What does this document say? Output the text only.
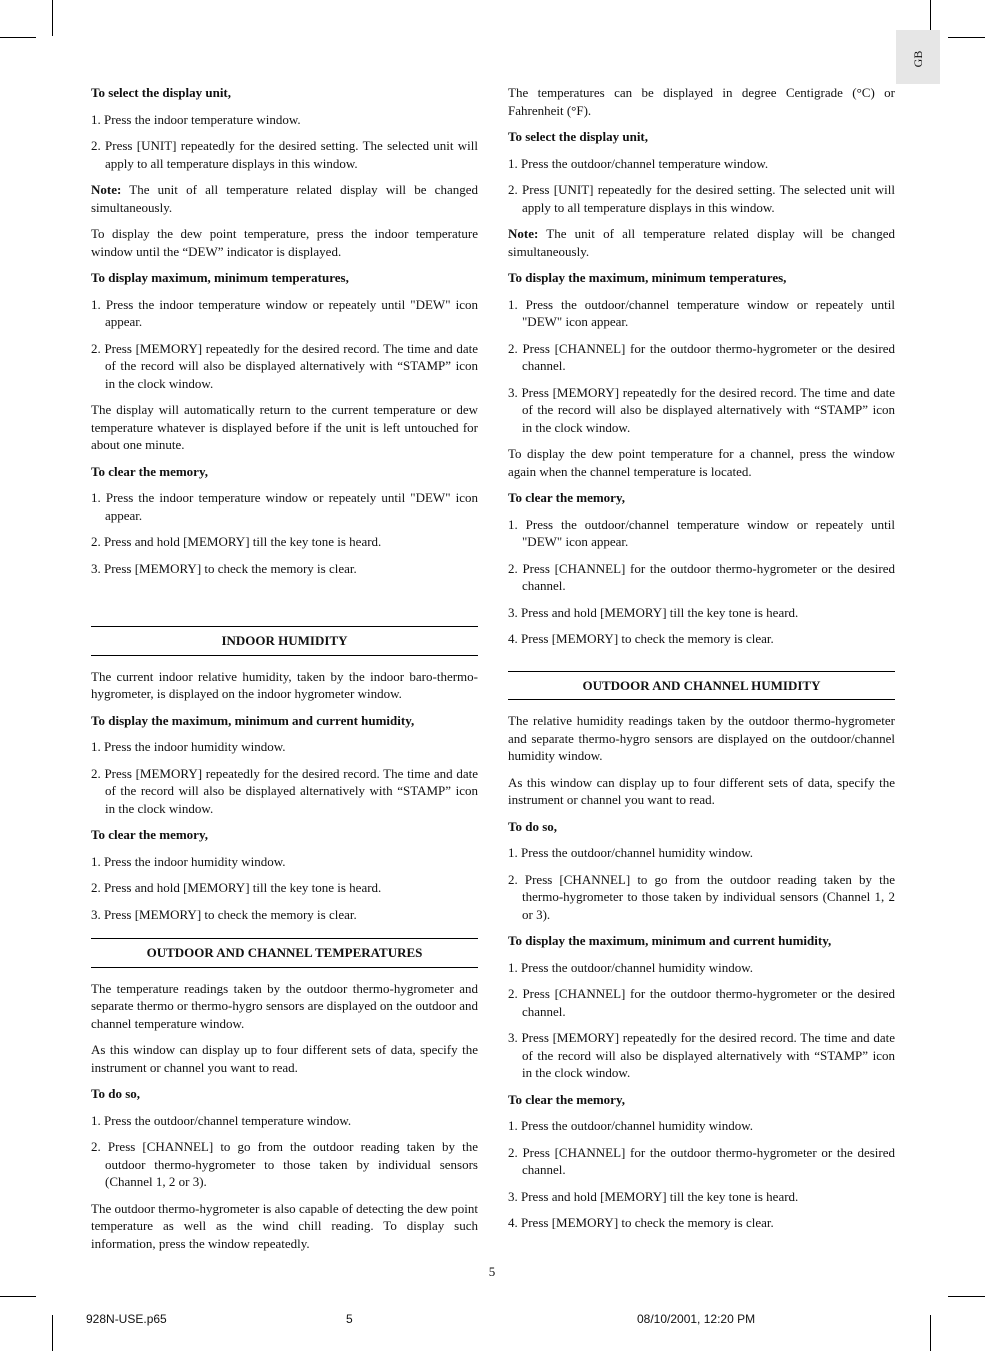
GB

To select the display unit,

1. Press the indoor temperature window.

2. Press [UNIT] repeatedly for the desired setting. The selected unit will apply to all temperature displays in this window.

Note: The unit of all temperature related display will be changed simultaneously.

To display the dew point temperature, press the indoor temperature window until the “DEW” indicator is displayed.

To display maximum, minimum temperatures,

1. Press the indoor temperature window or repeately until "DEW" icon appear.

2. Press [MEMORY] repeatedly for the desired record. The time and date of the record will also be displayed alternatively with “STAMP” icon in the clock window.

The display will automatically return to the current temperature or dew temperature whatever is displayed before if the unit is left untouched for about one minute.

To clear the memory,

1. Press the indoor temperature window or repeately until "DEW" icon appear.

2. Press and hold [MEMORY] till the key tone is heard.

3. Press [MEMORY] to check the memory is clear.

INDOOR HUMIDITY

The current indoor relative humidity, taken by the indoor baro-thermo-hygrometer, is displayed on the indoor hygrometer window.

To display the maximum, minimum and current humidity,

1. Press the indoor humidity window.

2. Press [MEMORY] repeatedly for the desired record. The time and date of the record will also be displayed alternatively with “STAMP” icon in the clock window.

To clear the memory,

1. Press the indoor humidity window.

2. Press and hold [MEMORY] till the key tone is heard.

3. Press [MEMORY] to check the memory is clear.

OUTDOOR AND CHANNEL TEMPERATURES

The temperature readings taken by the outdoor thermo-hygrometer and separate thermo or thermo-hygro sensors are displayed on the outdoor and channel temperature window.

As this window can display up to four different sets of data, specify the instrument or channel you want to read.

To do so,

1. Press the outdoor/channel temperature window.

2. Press [CHANNEL] to go from the outdoor reading taken by the outdoor thermo-hygrometer to those taken by individual sensors (Channel 1, 2 or 3).

The outdoor thermo-hygrometer is also capable of detecting the dew point temperature as well as the wind chill reading. To display such information, press the window repeatedly.

The temperatures can be displayed in degree Centigrade (°C) or Fahrenheit (°F).

To select the display unit,

1. Press the outdoor/channel temperature window.

2. Press [UNIT] repeatedly for the desired setting. The selected unit will apply to all temperature displays in this window.

Note: The unit of all temperature related display will be changed simultaneously.

To display the maximum, minimum temperatures,

1. Press the outdoor/channel temperature window or repeately until "DEW" icon appear.

2. Press [CHANNEL] for the outdoor thermo-hygrometer or the desired channel.

3. Press [MEMORY] repeatedly for the desired record. The time and date of the record will also be displayed alternatively with “STAMP” icon in the clock window.

To display the dew point temperature for a channel, press the window again when the channel temperature is located.

To clear the memory,

1. Press the outdoor/channel temperature window or repeately until "DEW" icon appear.

2. Press [CHANNEL] for the outdoor thermo-hygrometer or the desired channel.

3. Press and hold [MEMORY] till the key tone is heard.

4. Press [MEMORY] to check the memory is clear.

OUTDOOR AND CHANNEL HUMIDITY

The relative humidity readings taken by the outdoor thermo-hygrometer and separate thermo-hygro sensors are displayed on the outdoor/channel humidity window.

As this window can display up to four different sets of data, specify the instrument or channel you want to read.

To do so,

1. Press the outdoor/channel humidity window.

2. Press [CHANNEL] to go from the outdoor reading taken by the thermo-hygrometer to those taken by individual sensors (Channel 1, 2 or 3).

To display the maximum, minimum and current humidity,

1. Press the outdoor/channel humidity window.

2. Press [CHANNEL] for the outdoor thermo-hygrometer or the desired channel.

3. Press [MEMORY] repeatedly for the desired record. The time and date of the record will also be displayed alternatively with “STAMP” icon in the clock window.

To clear the memory,

1. Press the outdoor/channel humidity window.

2. Press [CHANNEL] for the outdoor thermo-hygrometer or the desired channel.

3. Press and hold [MEMORY] till the key tone is heard.

4. Press [MEMORY] to check the memory is clear.

5
928N-USE.p65	5	08/10/2001, 12:20 PM
